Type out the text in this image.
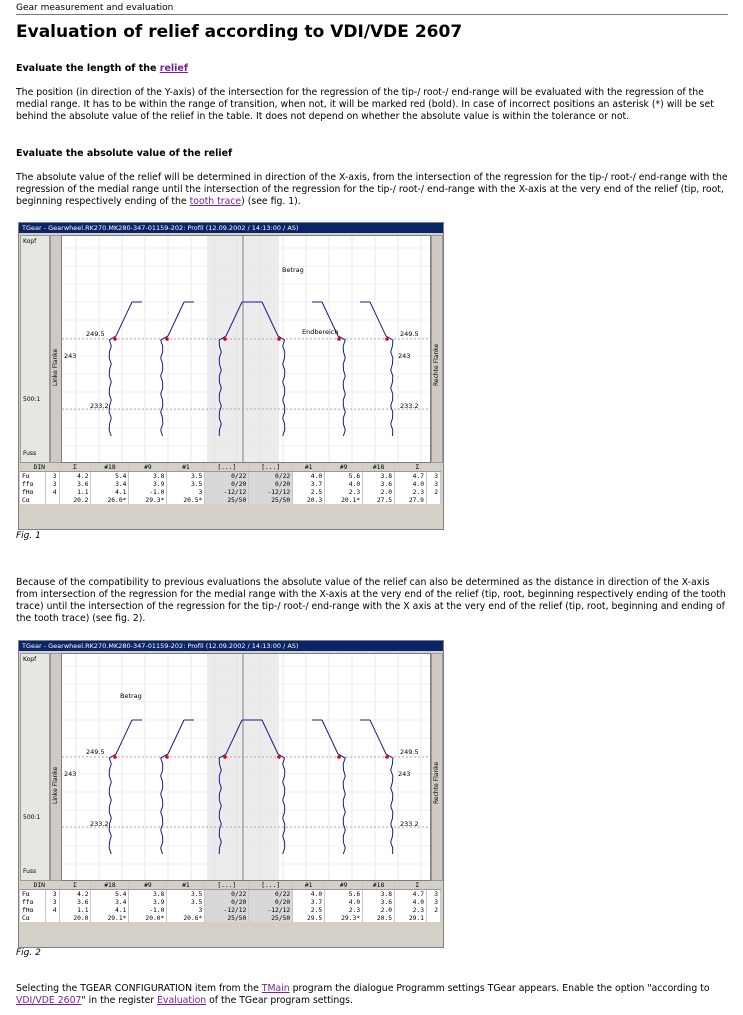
Gear measurement and evaluation
Evaluation of relief according to VDI/VDE 2607
Evaluate the length of the relief

The position (in direction of the Y-axis) of the intersection for the regression of the tip-/ root-/ end-range will be evaluated with the regression of the medial range. It has to be within the range of transition, when not, it will be marked red (bold). In case of incorrect positions an asterisk (*) will be set behind the absolute value of the relief in the table. It does not depend on whether the absolute value is within the tolerance or not.

Evaluate the absolute value of the relief

The absolute value of the relief will be determined in direction of the X-axis, from the intersection of the regression for the tip-/ root-/ end-range with the regression of the medial range until the intersection of the regression for the tip-/ root-/ end-range with the X-axis at the very end of the relief (tip, root, beginning respectively ending of the tooth trace) (see fig. 1).

TGear - Gearwheel.RK270.MK280-347-01159-202: Profil (12.09.2002 / 14:13:00 / AS)
Kopf
500:1
Fuss
Linke Flanke
249.5
243
233.2
249.5
243
233.2
Betrag
Endbereich
Rechte Flanke
DIN		Σ	#18	#9	#1	[...]	[...]	#1	#9	#18	Σ	
Fα	3	4.2	5.4	3.8	3.5	0/22	0/22	4.0	5.6	3.8	4.7	3
ffα	3	3.6	3.4	3.9	3.5	0/20	0/20	3.7	4.0	3.6	4.0	3
fHα	4	1.1	4.1	-1.0	3	-12/12	-12/12	2.5	2.3	2.0	2.3	2
Cα		20.2	26.0*	29.3*	20.5*	25/50	25/50	20.3	20.1*	27.5	27.9	
Fig. 1

Because of the compatibility to previous evaluations the absolute value of the relief can also be determined as the distance in direction of the X-axis from intersection of the regression for the medial range with the X-axis at the very end of the relief (tip, root, beginning respectively ending of the tooth trace) until the intersection of the regression for the tip-/ root-/ end-range with the X axis at the very end of the relief (tip, root, beginning and ending of the tooth trace) (see fig. 2).

TGear - Gearwheel.RK270.MK280-347-01159-202: Profil (12.09.2002 / 14:13:00 / AS)
Kopf
500:1
Fuss
Linke Flanke
249.5
243
233.2
249.5
243
233.2
Betrag
Rechte Flanke
DIN		Σ	#18	#9	#1	[...]	[...]	#1	#9	#18	Σ	
Fα	3	4.2	5.4	3.8	3.5	0/22	0/22	4.0	5.6	3.8	4.7	3
ffα	3	3.6	3.4	3.9	3.5	0/20	0/20	3.7	4.0	3.6	4.0	3
fHα	4	1.1	4.1	-1.0	3	-12/12	-12/12	2.5	2.3	2.0	2.3	2
Cα		20.0	29.1*	20.0*	20.6*	25/50	25/50	29.5	29.3*	20.5	29.1	
Fig. 2

Selecting the TGEAR CONFIGURATION item from the TMain program the dialogue Programm settings TGear appears. Enable the option "according to VDI/VDE 2607" in the register Evaluation of the TGear program settings.
